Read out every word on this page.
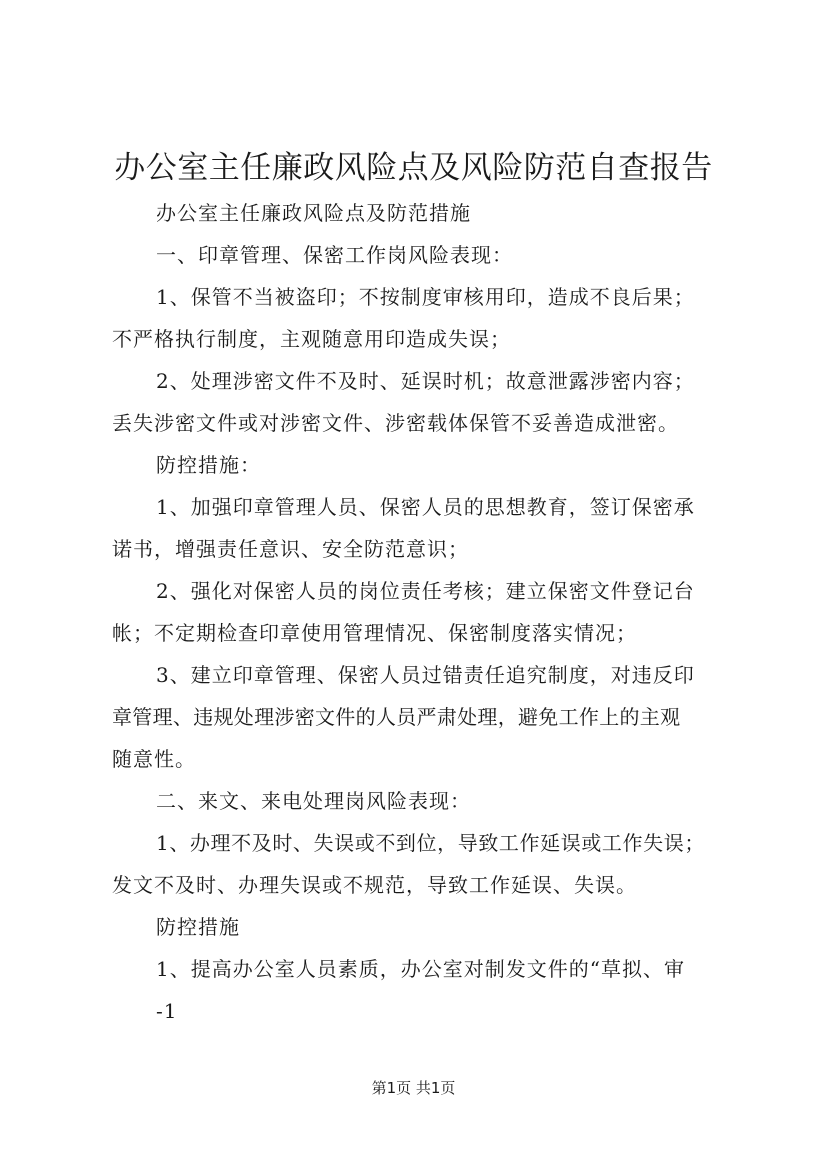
办公室主任廉政风险点及风险防范自查报告
办公室主任廉政风险点及防范措施
一、印章管理、保密工作岗风险表现：
1、保管不当被盗印；不按制度审核用印，造成不良后果；
不严格执行制度，主观随意用印造成失误；
2、处理涉密文件不及时、延误时机；故意泄露涉密内容；
丢失涉密文件或对涉密文件、涉密载体保管不妥善造成泄密。
防控措施：
1、加强印章管理人员、保密人员的思想教育，签订保密承
诺书，增强责任意识、安全防范意识；
2、强化对保密人员的岗位责任考核；建立保密文件登记台
帐；不定期检查印章使用管理情况、保密制度落实情况；
3、建立印章管理、保密人员过错责任追究制度，对违反印
章管理、违规处理涉密文件的人员严肃处理，避免工作上的主观
随意性。
二、来文、来电处理岗风险表现：
1、办理不及时、失误或不到位，导致工作延误或工作失误；
发文不及时、办理失误或不规范，导致工作延误、失误。
防控措施
1、提高办公室人员素质，办公室对制发文件的“草拟、审
-1
第1页 共1页
